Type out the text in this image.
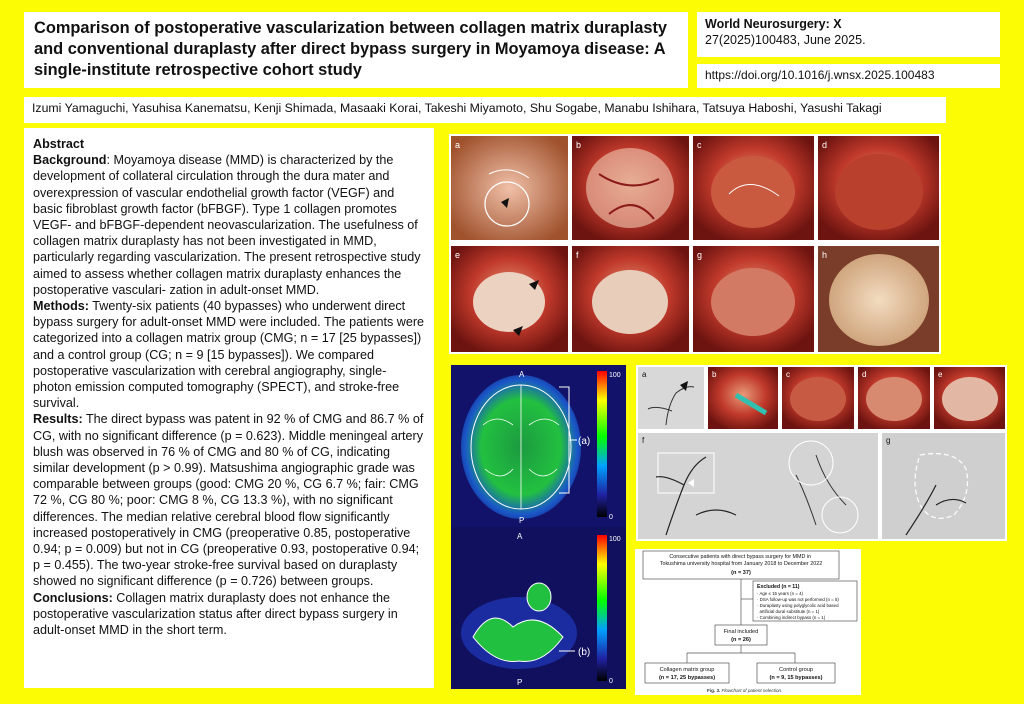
Comparison of postoperative vascularization between collagen matrix duraplasty and conventional duraplasty after direct bypass surgery in Moyamoya disease: A single-institute retrospective cohort study
World Neurosurgery: X
27(2025)100483, June 2025.
https://doi.org/10.1016/j.wnsx.2025.100483
Izumi Yamaguchi, Yasuhisa Kanematsu, Kenji Shimada, Masaaki Korai, Takeshi Miyamoto, Shu Sogabe, Manabu Ishihara, Tatsuya Haboshi, Yasushi Takagi
Abstract
Background: Moyamoya disease (MMD) is characterized by the development of collateral circulation through the dura mater and overexpression of vascular endothelial growth factor (VEGF) and basic fibroblast growth factor (bFBGF). Type 1 collagen promotes VEGF- and bFBGF-dependent neovascularization. The usefulness of collagen matrix duraplasty has not been investigated in MMD, particularly regarding vascularization. The present retrospective study aimed to assess whether collagen matrix duraplasty enhances the postoperative vasculari- zation in adult-onset MMD.
Methods: Twenty-six patients (40 bypasses) who underwent direct bypass surgery for adult-onset MMD were included. The patients were categorized into a collagen matrix group (CMG; n = 17 [25 bypasses]) and a control group (CG; n = 9 [15 bypasses]). We compared postoperative vascularization with cerebral angiography, single- photon emission computed tomography (SPECT), and stroke-free survival.
Results: The direct bypass was patent in 92 % of CMG and 86.7 % of CG, with no significant difference (p = 0.623). Middle meningeal artery blush was observed in 76 % of CMG and 80 % of CG, indicating similar development (p > 0.99). Matsushima angiographic grade was comparable between groups (good: CMG 20 %, CG 6.7 %; fair: CMG 72 %, CG 80 %; poor: CMG 8 %, CG 13.3 %), with no significant differences. The median relative cerebral blood flow significantly increased postoperatively in CMG (preoperative 0.85, postoperative 0.94; p = 0.009) but not in CG (preoperative 0.93, postoperative 0.94; p = 0.455). The two-year stroke-free survival based on duraplasty showed no significant difference (p = 0.726) between groups.
Conclusions: Collagen matrix duraplasty does not enhance the postoperative vascularization status after direct bypass surgery in adult-onset MMD in the short term.
a	b	c	d
e	f	g	h
A
P
(a)
100
0
A
P
(b)
100
0
a	b	c	d	e
f	g
Consecutive patients with direct bypass surgery for MMD in Tokushima university hospital from January 2018 to December 2022
(n = 37)
Excluded (n = 11)
· Age ≤ 15 years (n = 4)
· DSA follow-up was not performed (n = 5)
· Duraplasty using polyglycolic acid based
artificial dural substitute (n = 1)
· Combining indirect bypass (n = 1)
Final included
(n = 26)
Collagen matrix group
(n = 17, 25 bypasses)
Control group
(n = 9, 15 bypasses)
Fig. 3. Flowchart of patient selection.
